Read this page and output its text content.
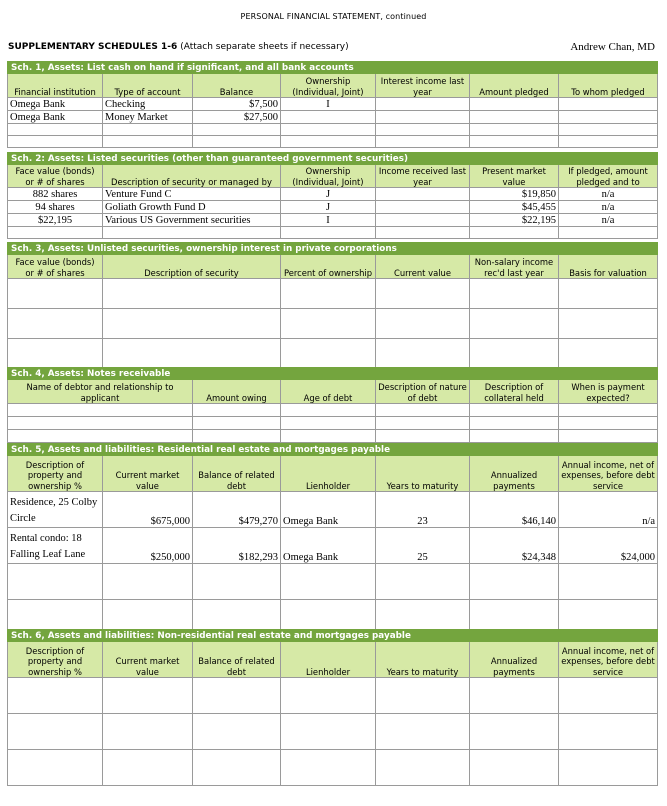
PERSONAL FINANCIAL STATEMENT, continued
SUPPLEMENTARY SCHEDULES 1-6 (Attach separate sheets if necessary)	Andrew Chan, MD
Sch. 1, Assets: List cash on hand if significant, and all bank accounts						
Financial institution	Type of account	Balance	Ownership (Individual, Joint)	Interest income last year	Amount pledged	To whom pledged
Omega Bank	Checking	$7,500	I			
Omega Bank	Money Market	$27,500				

Sch. 2: Assets: Listed securities (other than guaranteed government securities)					
Face value (bonds) or # of shares	Description of security or managed by	Ownership (Individual, Joint)	Income received last year	Present market value	If pledged, amount pledged and to
882 shares	Venture Fund C	J		$19,850	n/a
94 shares	Goliath Growth Fund D	J		$45,455	n/a
$22,195	Various US Government securities	I		$22,195	n/a

Sch. 3, Assets: Unlisted securities, ownership interest in private corporations					
Face value (bonds) or # of shares	Description of security	Percent of ownership	Current value	Non-salary income rec'd last year	Basis for valuation

Sch. 4, Assets: Notes receivable					
Name of debtor and relationship to applicant	Amount owing	Age of debt	Description of nature of debt	Description of collateral held	When is payment expected?

Sch. 5, Assets and liabilities: Residential real estate and mortgages payable						
Description of property and ownership %	Current market value	Balance of related debt	Lienholder	Years to maturity	Annualized payments	Annual income, net of expenses, before debt service
Residence, 25 Colby Circle	$675,000	$479,270	Omega Bank	23	$46,140	n/a
Rental condo: 18 Falling Leaf Lane	$250,000	$182,293	Omega Bank	25	$24,348	$24,000

Sch. 6, Assets and liabilities: Non-residential real estate and mortgages payable						
Description of property and ownership %	Current market value	Balance of related debt	Lienholder	Years to maturity	Annualized payments	Annual income, net of expenses, before debt service
